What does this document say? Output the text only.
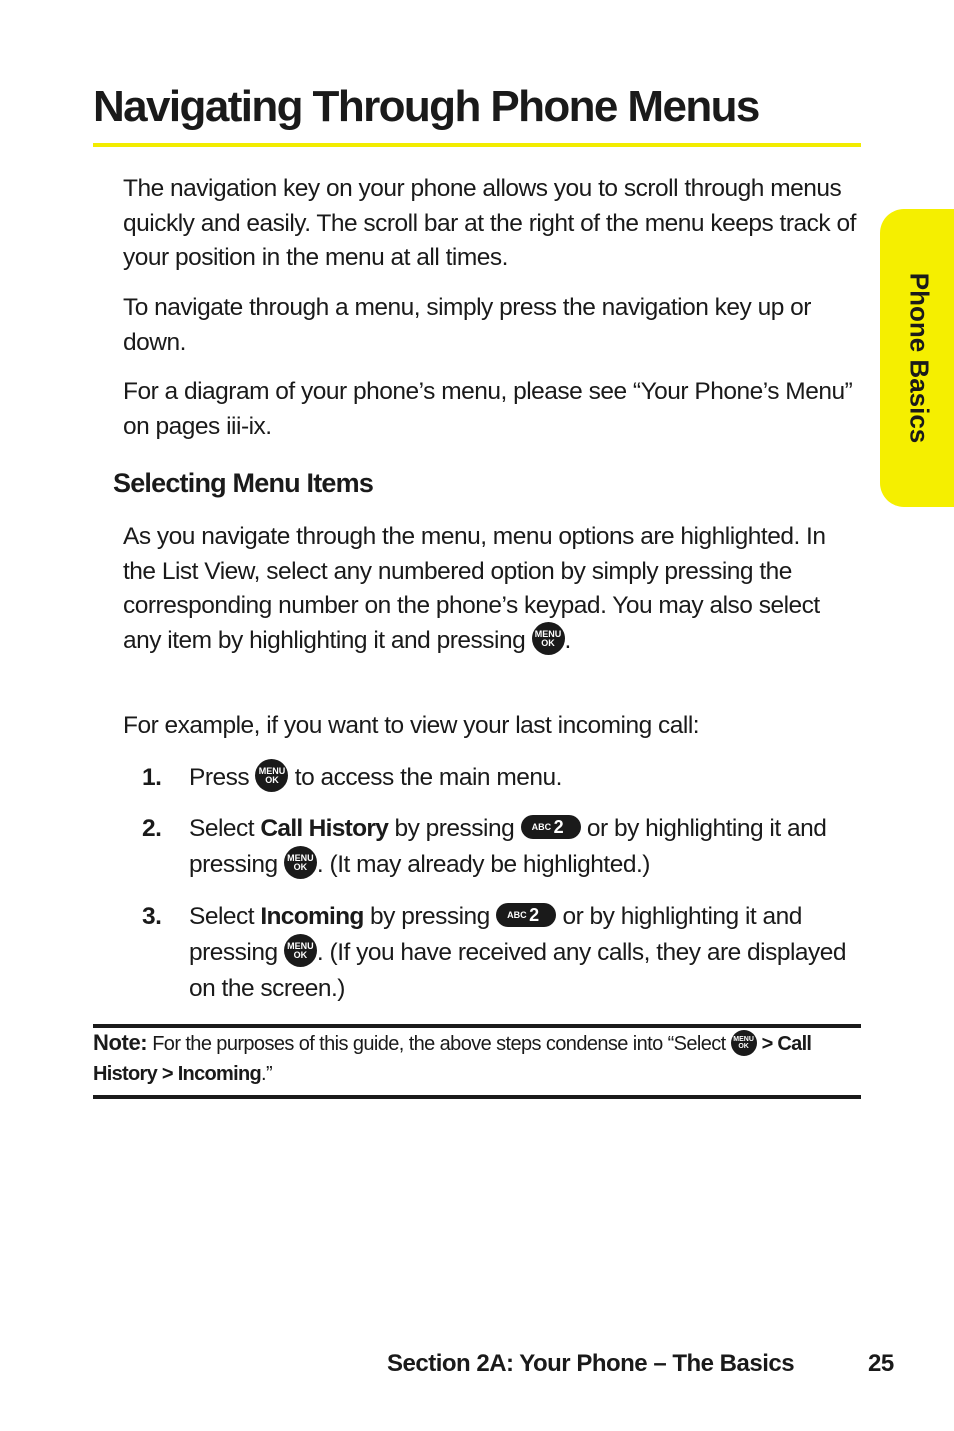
Navigating Through Phone Menus
Phone Basics

The navigation key on your phone allows you to scroll through menus quickly and easily. The scroll bar at the right of the menu keeps track of your position in the menu at all times.

To navigate through a menu, simply press the navigation key up or down.

For a diagram of your phone’s menu, please see “Your Phone’s Menu” on pages iii-ix.

Selecting Menu Items

As you navigate through the menu, menu options are highlighted. In the List View, select any numbered option by simply pressing the corresponding number on the phone’s keypad. You may also select any item by highlighting it and pressing	MENU
OK .

For example, if you want to view your last incoming call:

1. Press	MENU
OK to access the main menu.

2. Select Call History by pressing ABC 2 or by highlighting it and pressing	MENU
OK . (It may already be highlighted.)

3. Select Incoming by pressing ABC 2 or by highlighting it and pressing	MENU
OK . (If you have received any calls, they are displayed on the screen.)

Note: For the purposes of this guide, the above steps condense into “Select	MENU
OK > Call History > Incoming.”

Section 2A: Your Phone – The Basics	25
